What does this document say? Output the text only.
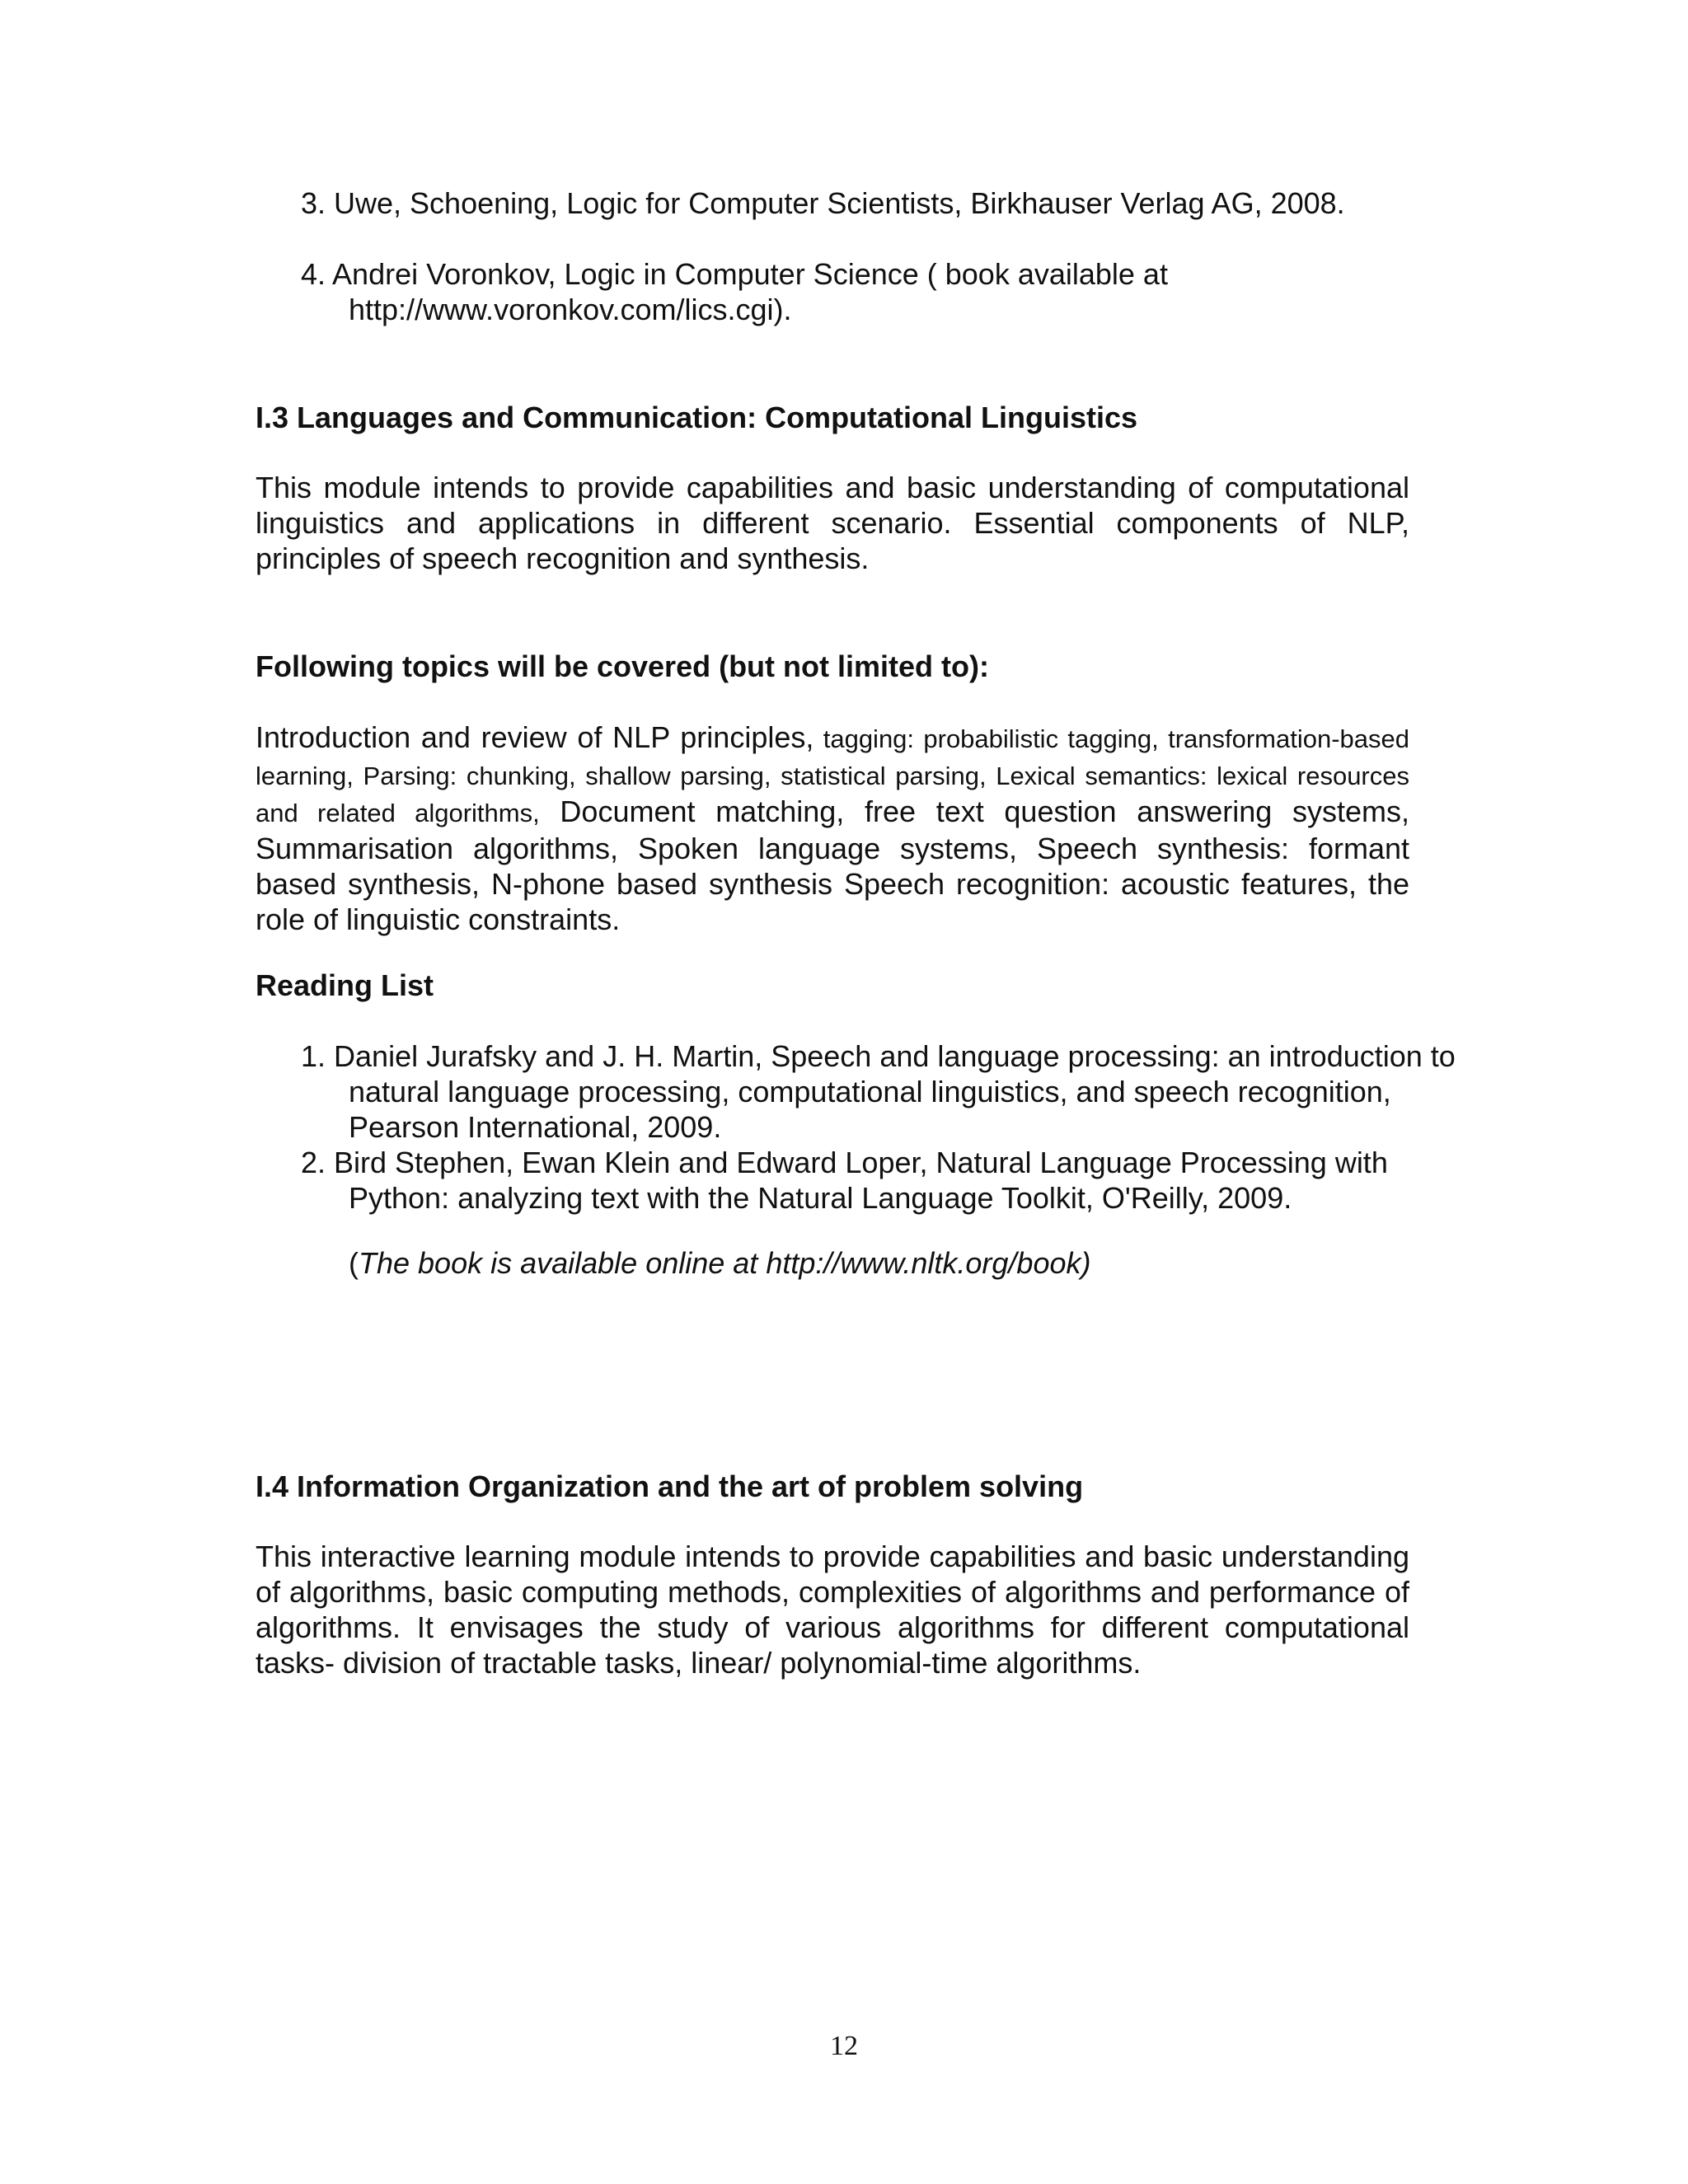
3. Uwe, Schoening, Logic for Computer Scientists, Birkhauser Verlag AG, 2008.

4. Andrei Voronkov, Logic in Computer Science ( book available at http://www.voronkov.com/lics.cgi).

I.3 Languages and Communication: Computational Linguistics

This module intends to provide capabilities and basic understanding of computational linguistics and applications in different scenario. Essential components of NLP, principles of speech recognition and synthesis.

Following topics will be covered (but not limited to):

Introduction and review of NLP principles, tagging: probabilistic tagging, transformation-based learning, Parsing: chunking, shallow parsing, statistical parsing, Lexical semantics: lexical resources and related algorithms, Document matching, free text question answering systems, Summarisation algorithms, Spoken language systems, Speech synthesis: formant based synthesis, N-phone based synthesis Speech recognition: acoustic features, the role of linguistic constraints.

Reading List

1. Daniel Jurafsky and J. H. Martin, Speech and language processing: an introduction to natural language processing, computational linguistics, and speech recognition, Pearson International, 2009.

2. Bird Stephen, Ewan Klein and Edward Loper, Natural Language Processing with Python: analyzing text with the Natural Language Toolkit, O'Reilly, 2009.

(The book is available online at http://www.nltk.org/book)

I.4 Information Organization and the art of problem solving

This interactive learning module intends to provide capabilities and basic understanding of algorithms, basic computing methods, complexities of algorithms and performance of algorithms. It envisages the study of various algorithms for different computational tasks- division of tractable tasks, linear/ polynomial-time algorithms.

12
